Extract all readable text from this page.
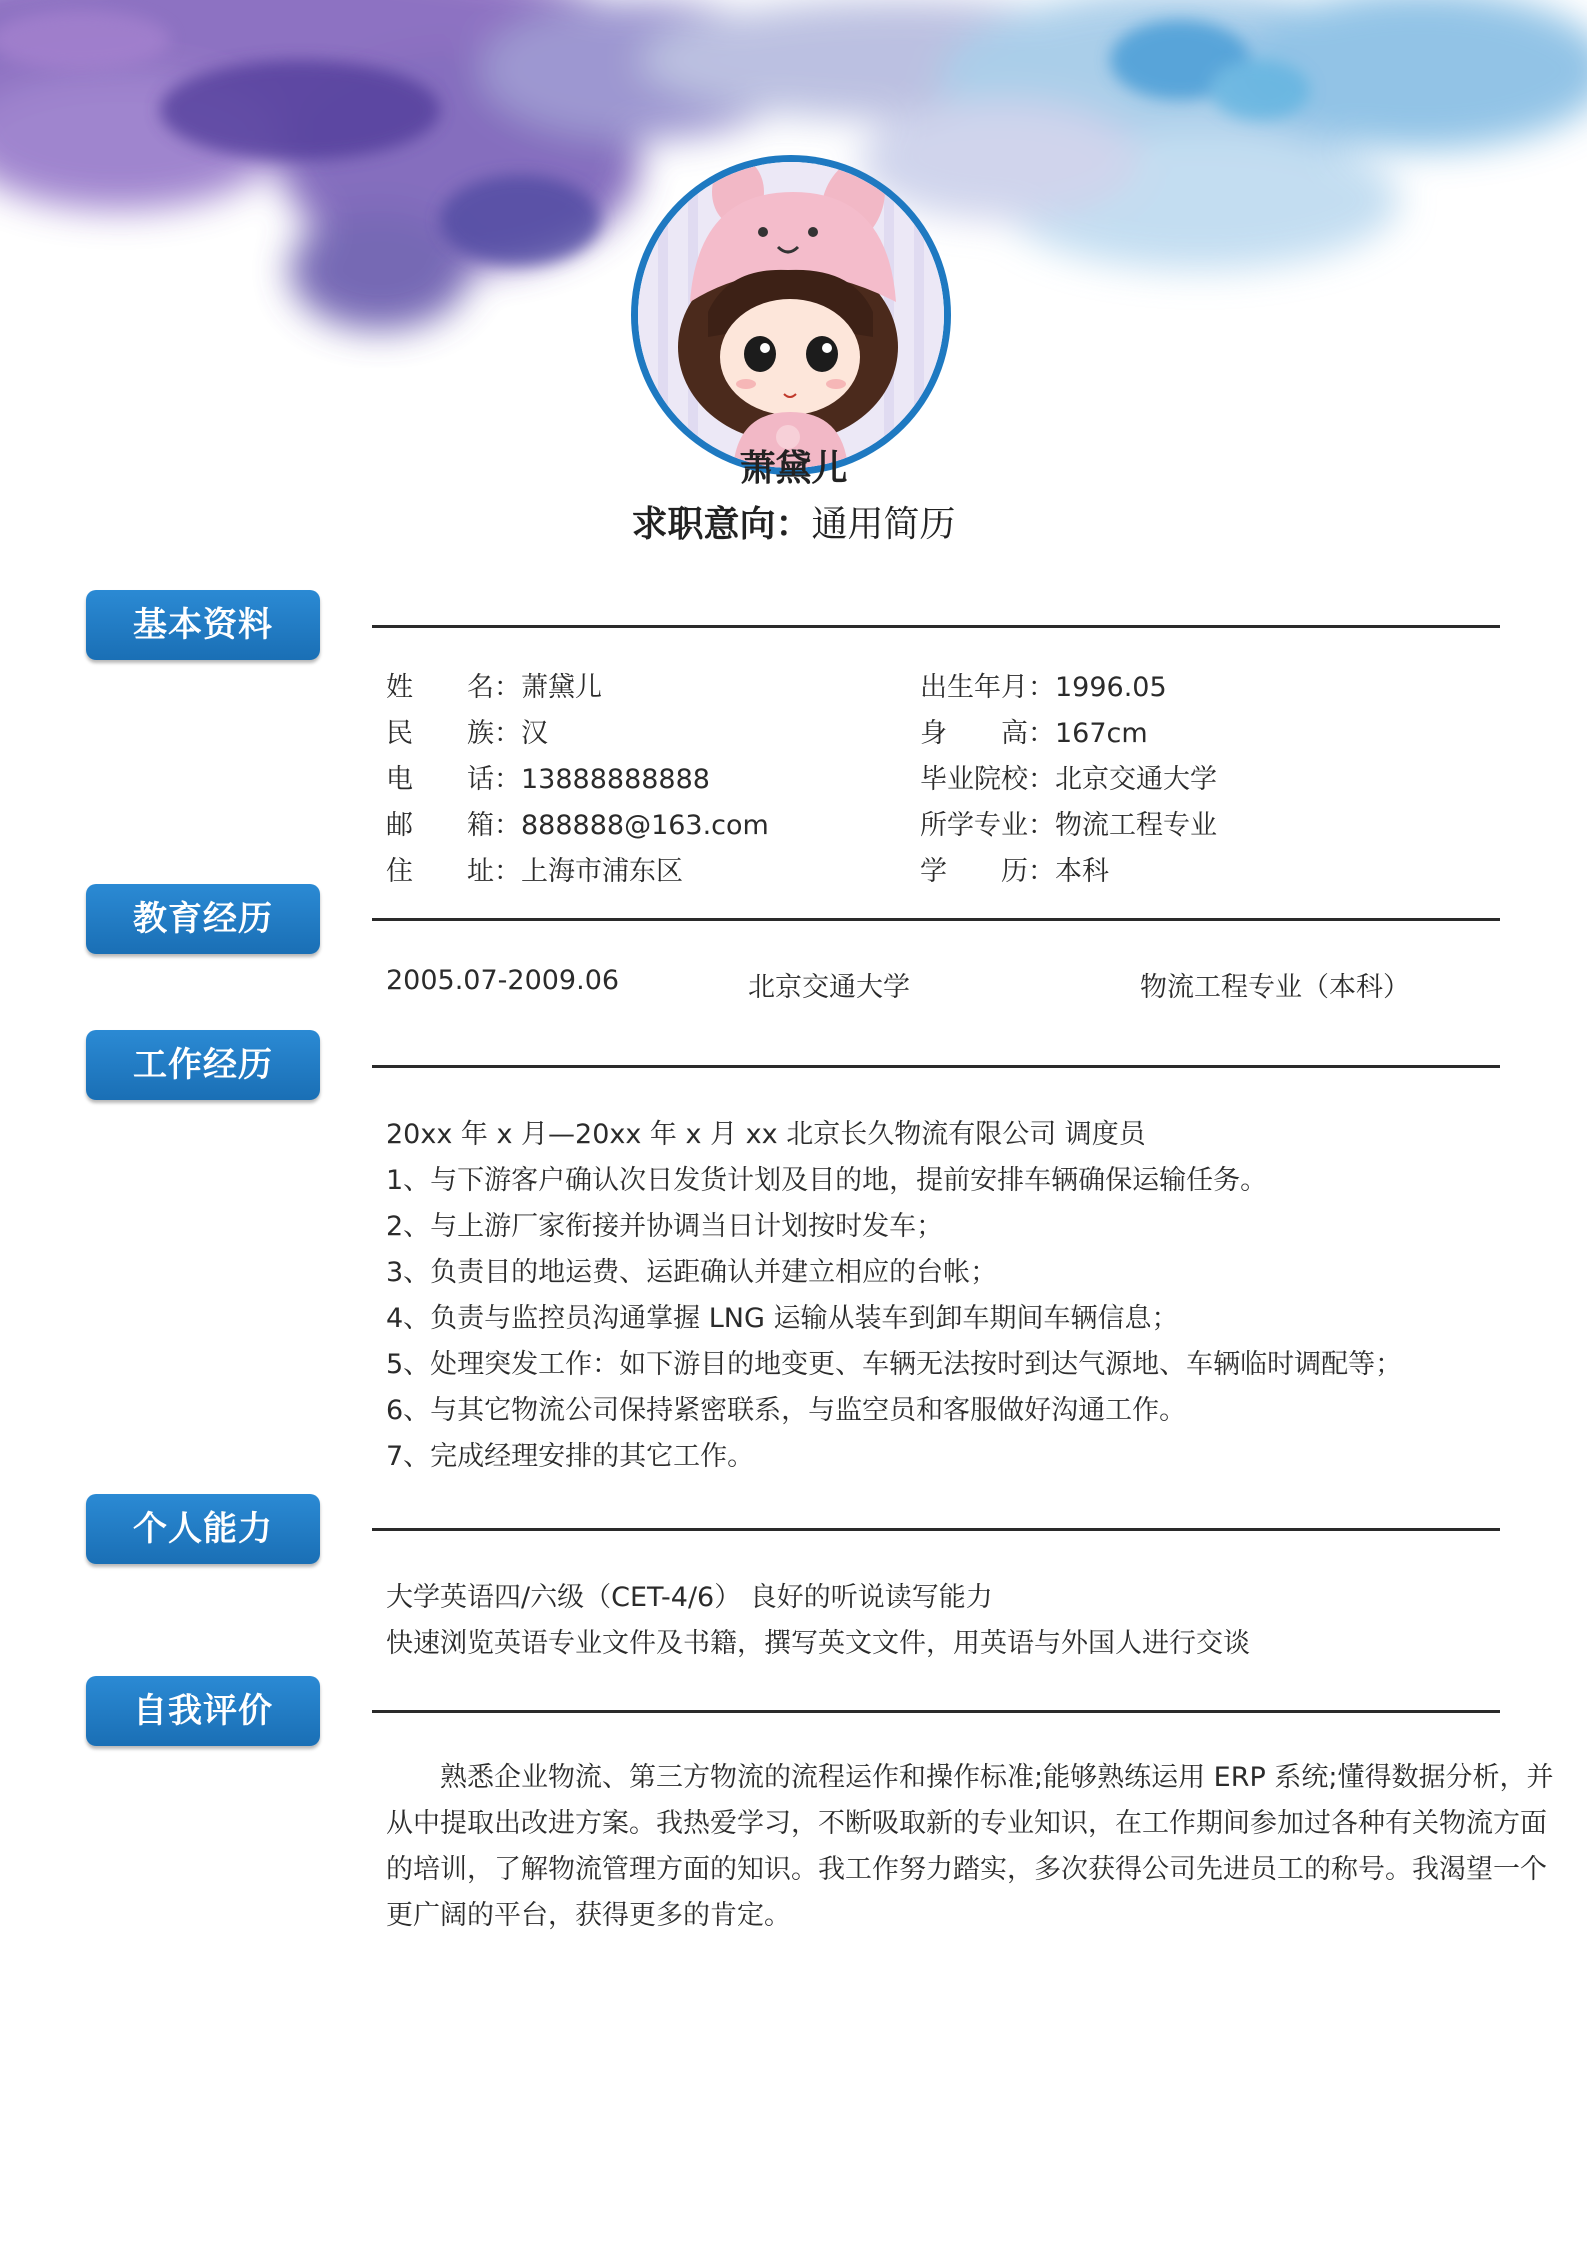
萧黛儿
求职意向：通用简历
基本资料
姓　　名：萧黛儿
民　　族：汉
电　　话：13888888888
邮　　箱：888888@163.com
住　　址：上海市浦东区
出生年月：1996.05
身　　高：167cm
毕业院校：北京交通大学
所学专业：物流工程专业
学　　历：本科
教育经历
2005.07-2009.06	北京交通大学	物流工程专业（本科）
工作经历
20xx 年 x 月—20xx 年 x 月 xx 北京长久物流有限公司 调度员
1、与下游客户确认次日发货计划及目的地，提前安排车辆确保运输任务。
2、与上游厂家衔接并协调当日计划按时发车；
3、负责目的地运费、运距确认并建立相应的台帐；
4、负责与监控员沟通掌握 LNG 运输从装车到卸车期间车辆信息；
5、处理突发工作：如下游目的地变更、车辆无法按时到达气源地、车辆临时调配等；
6、与其它物流公司保持紧密联系，与监空员和客服做好沟通工作。
7、完成经理安排的其它工作。
个人能力
大学英语四/六级（CET-4/6） 良好的听说读写能力
快速浏览英语专业文件及书籍，撰写英文文件，用英语与外国人进行交谈
自我评价
熟悉企业物流、第三方物流的流程运作和操作标准;能够熟练运用 ERP 系统;懂得数据分析，并从中提取出改进方案。我热爱学习，不断吸取新的专业知识，在工作期间参加过各种有关物流方面的培训，了解物流管理方面的知识。我工作努力踏实，多次获得公司先进员工的称号。我渴望一个更广阔的平台，获得更多的肯定。
